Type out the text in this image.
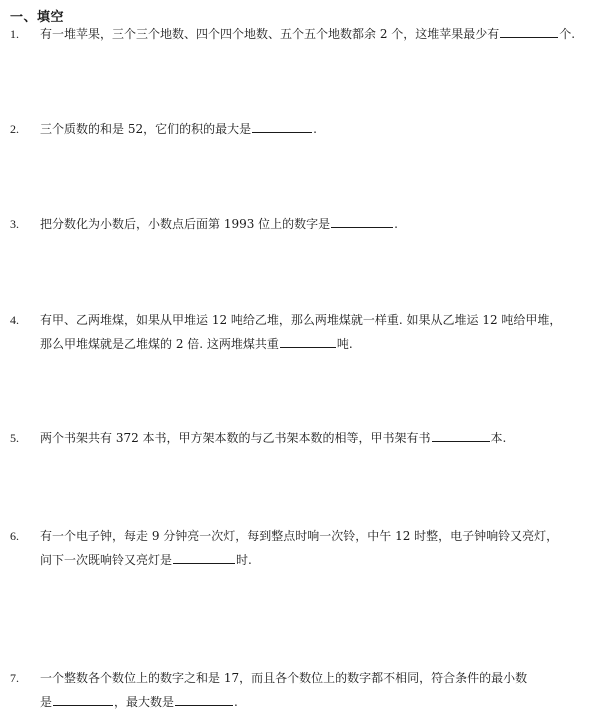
一、填空
1.	有一堆苹果，三个三个地数、四个四个地数、五个五个地数都余 2 个，这堆苹果最少有	个.
2.	三个质数的和是 52，它们的积的最大是	.
3.	把分数化为小数后，小数点后面第 1993 位上的数字是	.
4.	有甲、乙两堆煤，如果从甲堆运 12 吨给乙堆，那么两堆煤就一样重. 如果从乙堆运 12 吨给甲堆，
那么甲堆煤就是乙堆煤的 2 倍. 这两堆煤共重	吨.
5.	两个书架共有 372 本书，甲方架本数的与乙书架本数的相等，甲书架有书	本.
6.	有一个电子钟，每走 9 分钟亮一次灯，每到整点时响一次铃，中午 12 时整，电子钟响铃又亮灯，
问下一次既响铃又亮灯是	时.
7.	一个整数各个数位上的数字之和是 17，而且各个数位上的数字都不相同，符合条件的最小数
是	，最大数是	.
